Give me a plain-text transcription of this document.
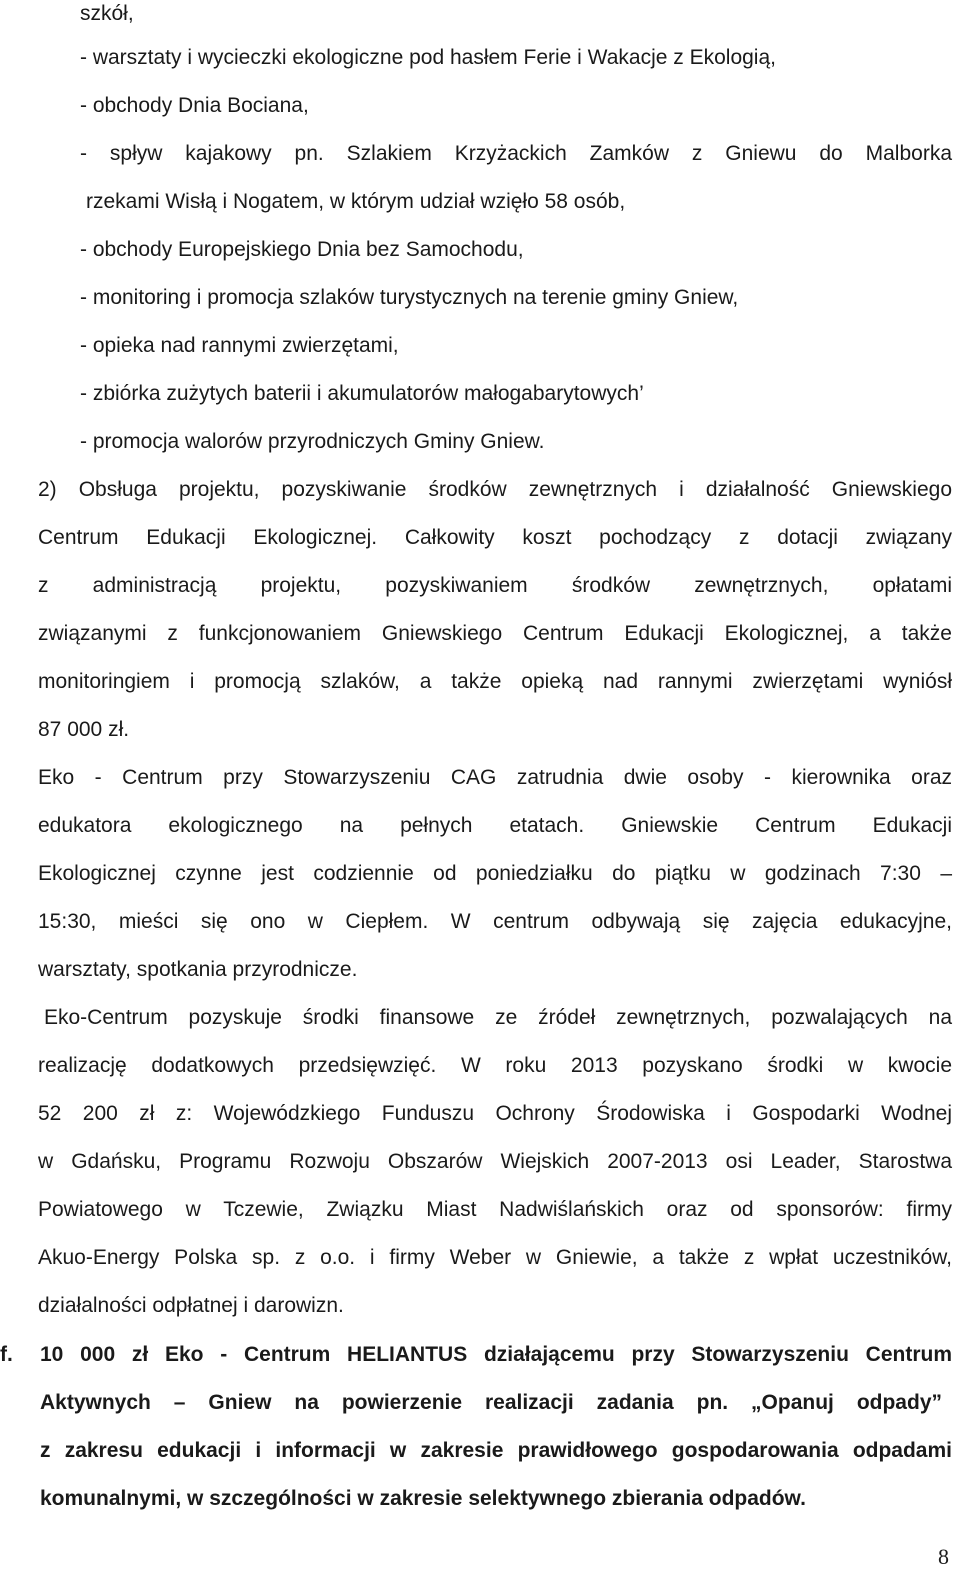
szkół,
- warsztaty i wycieczki ekologiczne pod hasłem Ferie i Wakacje z Ekologią,
- obchody Dnia Bociana,
- spływ kajakowy pn. Szlakiem Krzyżackich Zamków z Gniewu do Malborka
rzekami Wisłą i Nogatem, w którym udział wzięło 58 osób,
- obchody Europejskiego Dnia bez Samochodu,
- monitoring i promocja szlaków turystycznych na terenie gminy Gniew,
- opieka nad rannymi zwierzętami,
- zbiórka zużytych baterii i akumulatorów małogabarytowych’
- promocja walorów przyrodniczych Gminy Gniew.
2) Obsługa projektu, pozyskiwanie środków zewnętrznych i działalność Gniewskiego
Centrum Edukacji Ekologicznej. Całkowity koszt pochodzący z dotacji związany
z administracją projektu, pozyskiwaniem środków zewnętrznych, opłatami
związanymi z funkcjonowaniem Gniewskiego Centrum Edukacji Ekologicznej, a także
monitoringiem i promocją szlaków, a także opieką nad rannymi zwierzętami wyniósł
87 000 zł.
Eko - Centrum przy Stowarzyszeniu CAG zatrudnia dwie osoby - kierownika oraz
edukatora ekologicznego na pełnych etatach. Gniewskie Centrum Edukacji
Ekologicznej czynne jest codziennie od poniedziałku do piątku w godzinach 7:30 –
15:30, mieści się ono w Ciepłem. W centrum odbywają się zajęcia edukacyjne,
warsztaty, spotkania przyrodnicze.
Eko-Centrum pozyskuje środki finansowe ze źródeł zewnętrznych, pozwalających na
realizację dodatkowych przedsięwzięć. W roku 2013 pozyskano środki w kwocie
52 200 zł z: Wojewódzkiego Funduszu Ochrony Środowiska i Gospodarki Wodnej
w Gdańsku, Programu Rozwoju Obszarów Wiejskich 2007-2013 osi Leader, Starostwa
Powiatowego w Tczewie, Związku Miast Nadwiślańskich oraz od sponsorów: firmy
Akuo-Energy Polska sp. z o.o. i firmy Weber w Gniewie, a także z wpłat uczestników,
działalności odpłatnej i darowizn.
f. 10 000 zł Eko - Centrum HELIANTUS działającemu przy Stowarzyszeniu Centrum
Aktywnych – Gniew na powierzenie realizacji zadania pn. „Opanuj odpady”
z zakresu edukacji i informacji w zakresie prawidłowego gospodarowania odpadami
komunalnymi, w szczególności w zakresie selektywnego zbierania odpadów.
8
